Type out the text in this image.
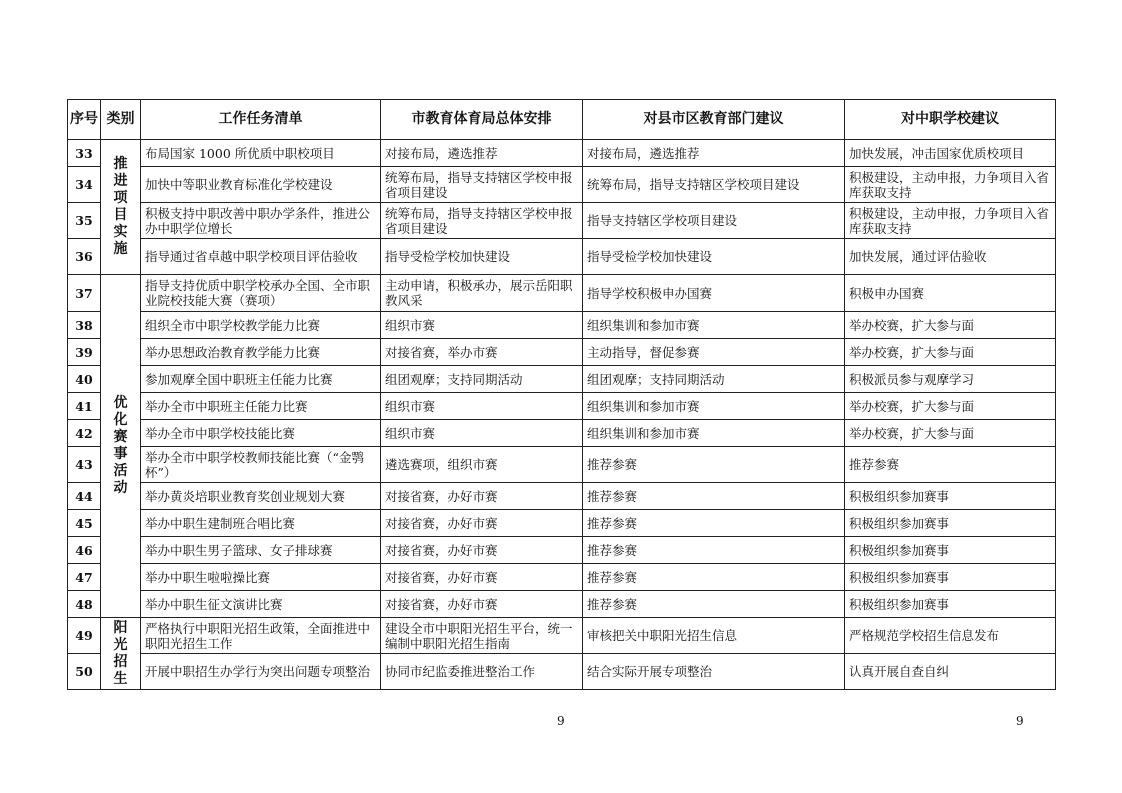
序号	类别	工作任务清单	市教育体育局总体安排	对县市区教育部门建议	对中职学校建议
33	推进项目实施	布局国家 1000 所优质中职校项目	对接布局，遴选推荐	对接布局，遴选推荐	加快发展，冲击国家优质校项目
34		加快中等职业教育标准化学校建设	统筹布局，指导支持辖区学校申报省项目建设	统筹布局，指导支持辖区学校项目建设	积极建设，主动申报，力争项目入省库获取支持
35		积极支持中职改善中职办学条件，推进公办中职学位增长	统筹布局，指导支持辖区学校申报省项目建设	指导支持辖区学校项目建设	积极建设，主动申报，力争项目入省库获取支持
36		指导通过省卓越中职学校项目评估验收	指导受检学校加快建设	指导受检学校加快建设	加快发展，通过评估验收
37	优化赛事活动	指导支持优质中职学校承办全国、全市职业院校技能大赛（赛项）	主动申请，积极承办，展示岳阳职教风采	指导学校积极申办国赛	积极申办国赛
38		组织全市中职学校教学能力比赛	组织市赛	组织集训和参加市赛	举办校赛，扩大参与面
39		举办思想政治教育教学能力比赛	对接省赛，举办市赛	主动指导，督促参赛	举办校赛，扩大参与面
40		参加观摩全国中职班主任能力比赛	组团观摩；支持同期活动	组团观摩；支持同期活动	积极派员参与观摩学习
41		举办全市中职班主任能力比赛	组织市赛	组织集训和参加市赛	举办校赛，扩大参与面
42		举办全市中职学校技能比赛	组织市赛	组织集训和参加市赛	举办校赛，扩大参与面
43		举办全市中职学校教师技能比赛（“金鹗杯”）	遴选赛项，组织市赛	推荐参赛	推荐参赛
44		举办黄炎培职业教育奖创业规划大赛	对接省赛，办好市赛	推荐参赛	积极组织参加赛事
45		举办中职生建制班合唱比赛	对接省赛，办好市赛	推荐参赛	积极组织参加赛事
46		举办中职生男子篮球、女子排球赛	对接省赛，办好市赛	推荐参赛	积极组织参加赛事
47		举办中职生啦啦操比赛	对接省赛，办好市赛	推荐参赛	积极组织参加赛事
48		举办中职生征文演讲比赛	对接省赛，办好市赛	推荐参赛	积极组织参加赛事
49	阳光招生	严格执行中职阳光招生政策，全面推进中职阳光招生工作	建设全市中职阳光招生平台，统一编制中职阳光招生指南	审核把关中职阳光招生信息	严格规范学校招生信息发布
50		开展中职招生办学行为突出问题专项整治	协同市纪监委推进整治工作	结合实际开展专项整治	认真开展自查自纠
9	9
